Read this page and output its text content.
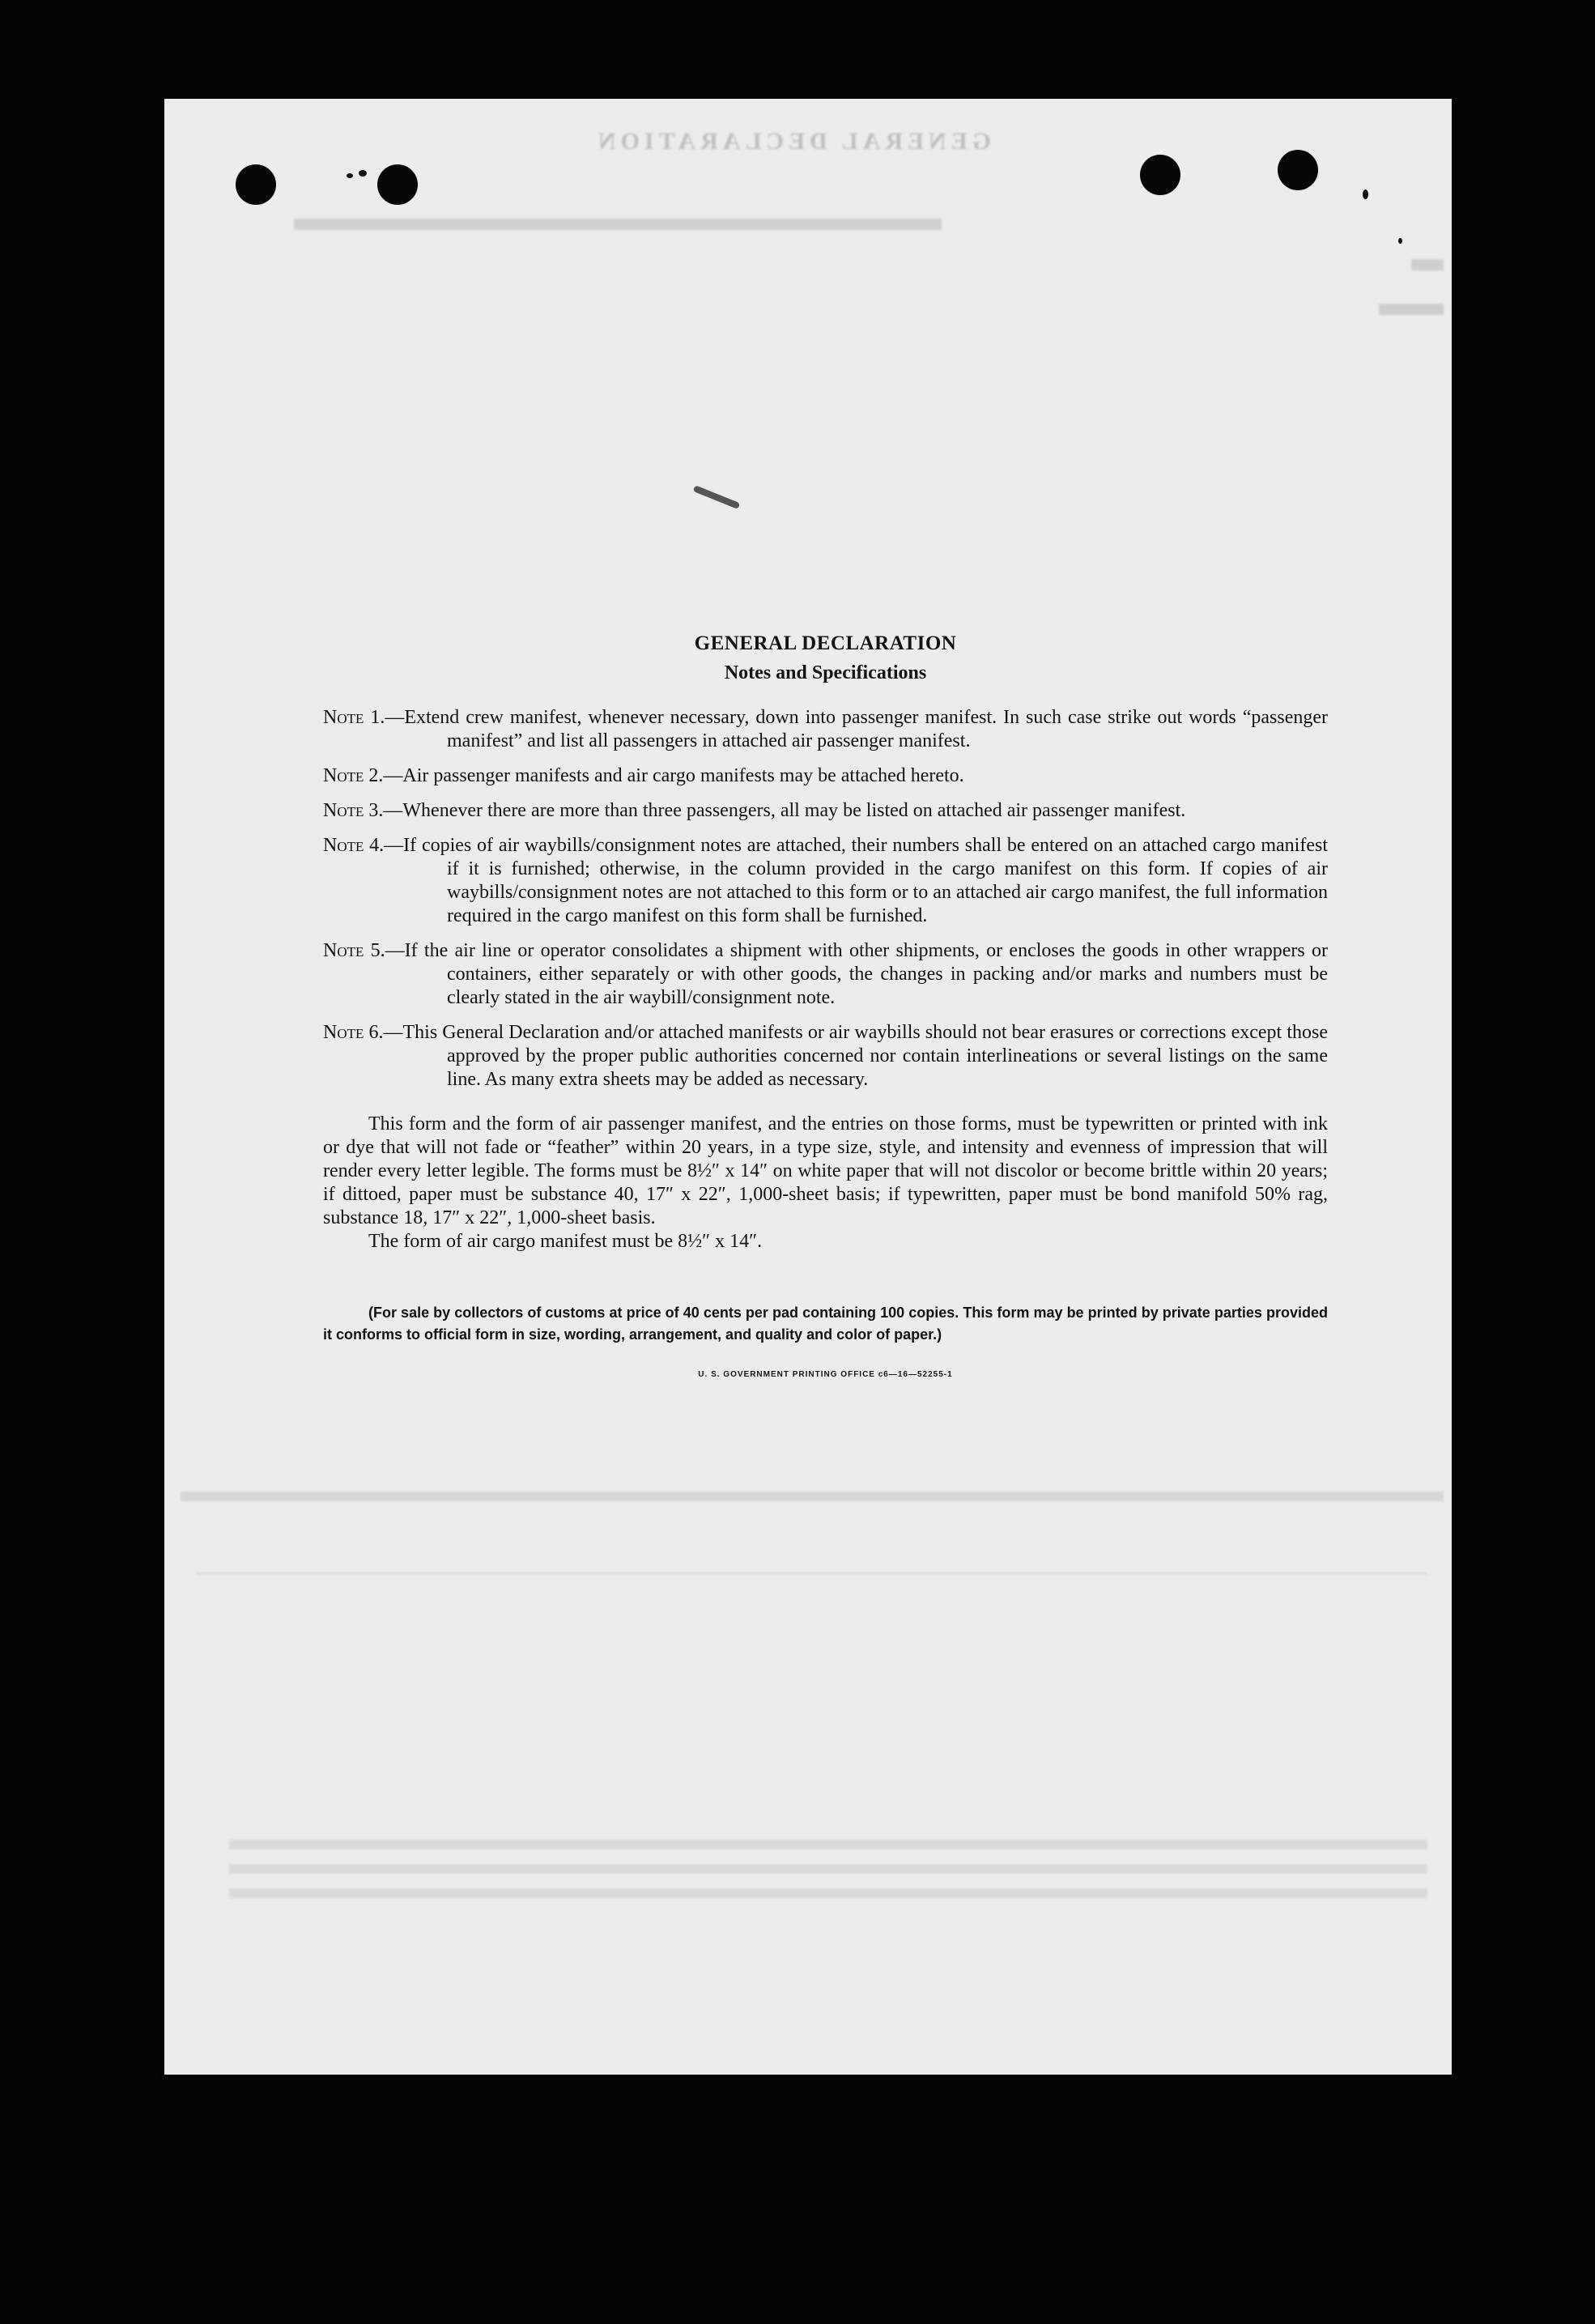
GENERAL DECLARATION
GENERAL DECLARATION
Notes and Specifications

Note 1.—Extend crew manifest, whenever necessary, down into passenger manifest. In such case strike out words “passenger manifest” and list all passengers in attached air passenger manifest.

Note 2.—Air passenger manifests and air cargo manifests may be attached hereto.

Note 3.—Whenever there are more than three passengers, all may be listed on attached air passenger manifest.

Note 4.—If copies of air waybills/consignment notes are attached, their numbers shall be entered on an attached cargo manifest if it is furnished; otherwise, in the column provided in the cargo manifest on this form. If copies of air waybills/consignment notes are not attached to this form or to an attached air cargo manifest, the full information required in the cargo manifest on this form shall be furnished.

Note 5.—If the air line or operator consolidates a shipment with other shipments, or encloses the goods in other wrappers or containers, either separately or with other goods, the changes in packing and/or marks and numbers must be clearly stated in the air waybill/consignment note.

Note 6.—This General Declaration and/or attached manifests or air waybills should not bear erasures or corrections except those approved by the proper public authorities concerned nor contain interlineations or several listings on the same line. As many extra sheets may be added as necessary.

This form and the form of air passenger manifest, and the entries on those forms, must be typewritten or printed with ink or dye that will not fade or “feather” within 20 years, in a type size, style, and intensity and evenness of impression that will render every letter legible. The forms must be 8½″ x 14″ on white paper that will not discolor or become brittle within 20 years; if dittoed, paper must be substance 40, 17″ x 22″, 1,000-sheet basis; if typewritten, paper must be bond manifold 50% rag, substance 18, 17″ x 22″, 1,000-sheet basis.

The form of air cargo manifest must be 8½″ x 14″.

(For sale by collectors of customs at price of 40 cents per pad containing 100 copies. This form may be printed by private parties provided it conforms to official form in size, wording, arrangement, and quality and color of paper.)

U. S. GOVERNMENT PRINTING OFFICE c6—16—52255-1
